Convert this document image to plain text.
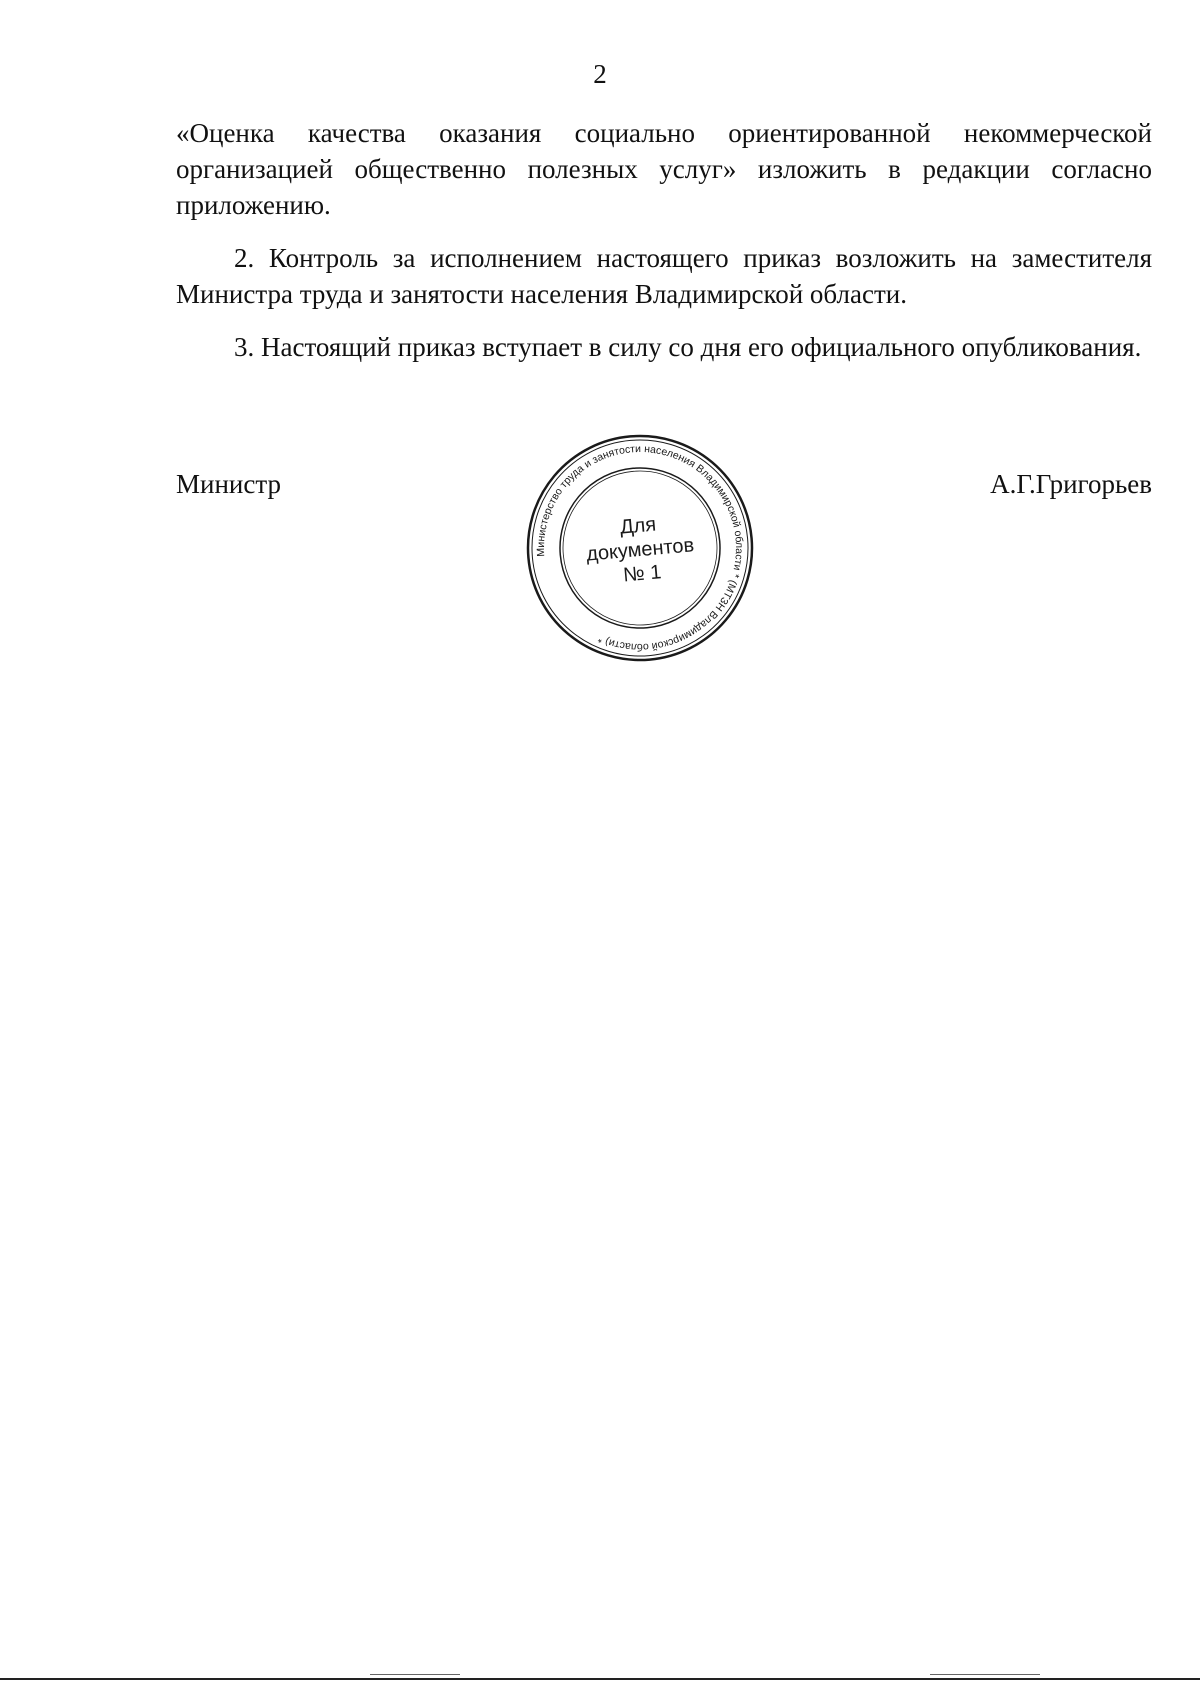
2

«Оценка качества оказания социально ориентированной некоммерческой организацией общественно полезных услуг» изложить в редакции согласно приложению.

2. Контроль за исполнением настоящего приказ возложить на заместителя Министра труда и занятости населения Владимирской области.

3. Настоящий приказ вступает в силу со дня его официального опубликования.

Министр	А.Г.Григорьев
Министерство труда и занятости населения Владимирской области * (МТЗН Владимирской области) *
Для
документов
№ 1
